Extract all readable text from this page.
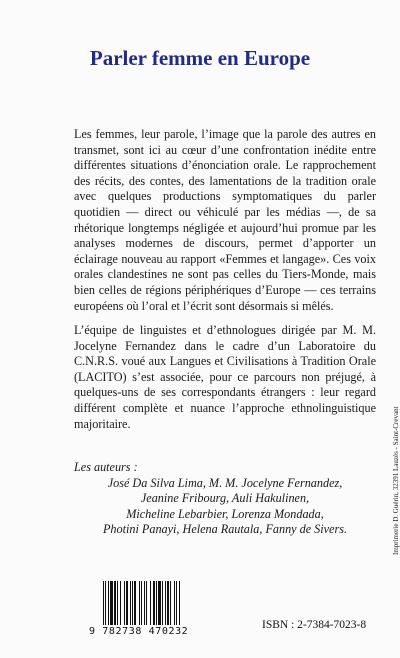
Parler femme en Europe

Les femmes, leur parole, l’image que la parole des autres en transmet, sont ici au cœur d’une confrontation inédite entre différentes situations d’énonciation orale. Le rapprochement des récits, des contes, des lamentations de la tradition orale avec quelques productions symptomatiques du parler quotidien — direct ou véhiculé par les médias —, de sa rhétorique longtemps négligée et aujourd’hui promue par les analyses modernes de discours, permet d’apporter un éclairage nouveau au rapport «Femmes et langage». Ces voix orales clandestines ne sont pas celles du Tiers-Monde, mais bien celles de régions périphériques d’Europe — ces terrains européens où l’oral et l’écrit sont désormais si mêlés.

L’équipe de linguistes et d’ethnologues dirigée par M. M. Jocelyne Fernandez dans le cadre d’un Laboratoire du C.N.R.S. voué aux Langues et Civilisations à Tradition Orale (LACITO) s’est associée, pour ce parcours non préjugé, à quelques-uns de ses correspondants étrangers : leur regard différent complète et nuance l’approche ethnolinguistique majoritaire.

Les auteurs :

José Da Silva Lima, M. M. Jocelyne Fernandez,

Jeanine Fribourg, Auli Hakulinen,

Micheline Lebarbier, Lorenza Mondada,

Photini Panayi, Helena Rautala, Fanny de Sivers.

9 782738 470232
ISBN : 2-7384-7023-8
Imprimerie D. Guérin, 32391 Lauzès - Saint-Crevant
